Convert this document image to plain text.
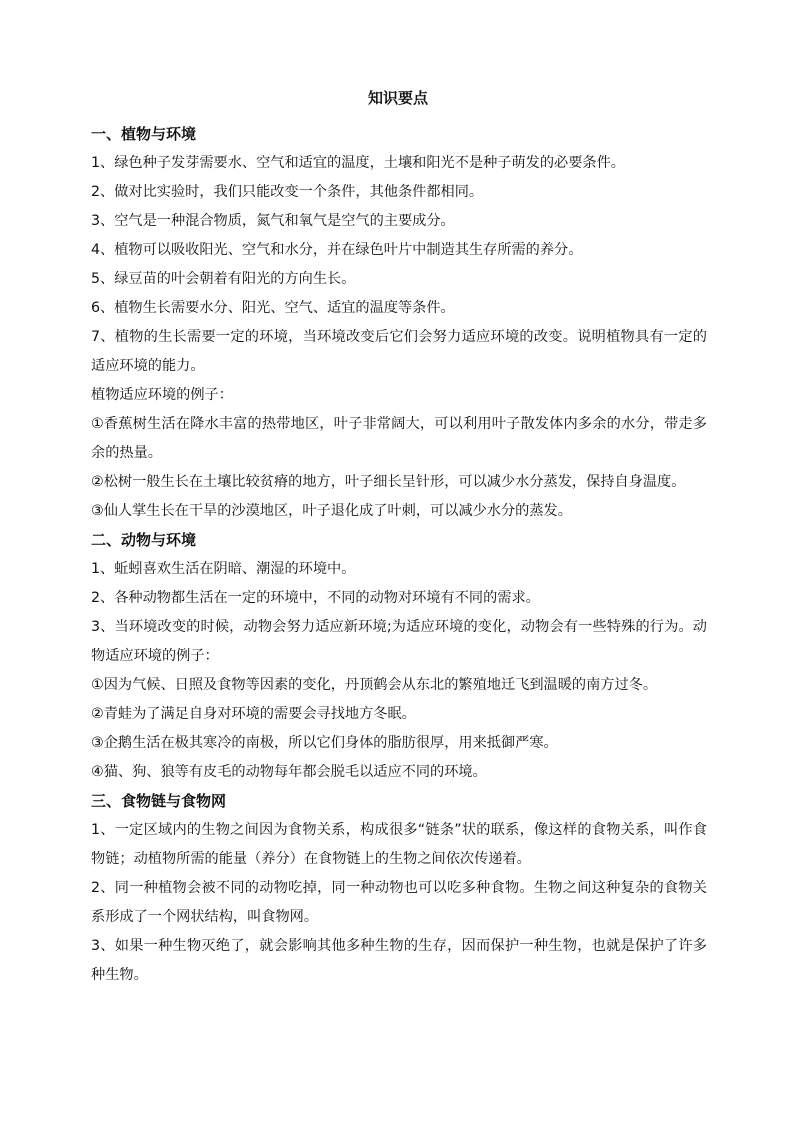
知识要点
一、植物与环境

1、绿色种子发芽需要水、空气和适宜的温度，土壤和阳光不是种子萌发的必要条件。

2、做对比实验时，我们只能改变一个条件，其他条件都相同。

3、空气是一种混合物质，氮气和氧气是空气的主要成分。

4、植物可以吸收阳光、空气和水分，并在绿色叶片中制造其生存所需的养分。

5、绿豆苗的叶会朝着有阳光的方向生长。

6、植物生长需要水分、阳光、空气、适宜的温度等条件。

7、植物的生长需要一定的环境，当环境改变后它们会努力适应环境的改变。说明植物具有一定的适应环境的能力。

植物适应环境的例子：

①香蕉树生活在降水丰富的热带地区，叶子非常阔大，可以利用叶子散发体内多余的水分，带走多余的热量。

②松树一般生长在土壤比较贫瘠的地方，叶子细长呈针形，可以减少水分蒸发，保持自身温度。

③仙人掌生长在干旱的沙漠地区，叶子退化成了叶刺，可以减少水分的蒸发。

二、动物与环境

1、蚯蚓喜欢生活在阴暗、潮湿的环境中。

2、各种动物都生活在一定的环境中，不同的动物对环境有不同的需求。

3、当环境改变的时候，动物会努力适应新环境;为适应环境的变化，动物会有一些特殊的行为。动物适应环境的例子：

①因为气候、日照及食物等因素的变化，丹顶鹤会从东北的繁殖地迁飞到温暖的南方过冬。

②青蛙为了满足自身对环境的需要会寻找地方冬眠。

③企鹅生活在极其寒冷的南极，所以它们身体的脂肪很厚，用来抵御严寒。

④猫、狗、狼等有皮毛的动物每年都会脱毛以适应不同的环境。

三、食物链与食物网

1、一定区域内的生物之间因为食物关系，构成很多“链条”状的联系，像这样的食物关系，叫作食物链；动植物所需的能量（养分）在食物链上的生物之间依次传递着。

2、同一种植物会被不同的动物吃掉，同一种动物也可以吃多种食物。生物之间这种复杂的食物关系形成了一个网状结构，叫食物网。

3、如果一种生物灭绝了，就会影响其他多种生物的生存，因而保护一种生物，也就是保护了许多种生物。
